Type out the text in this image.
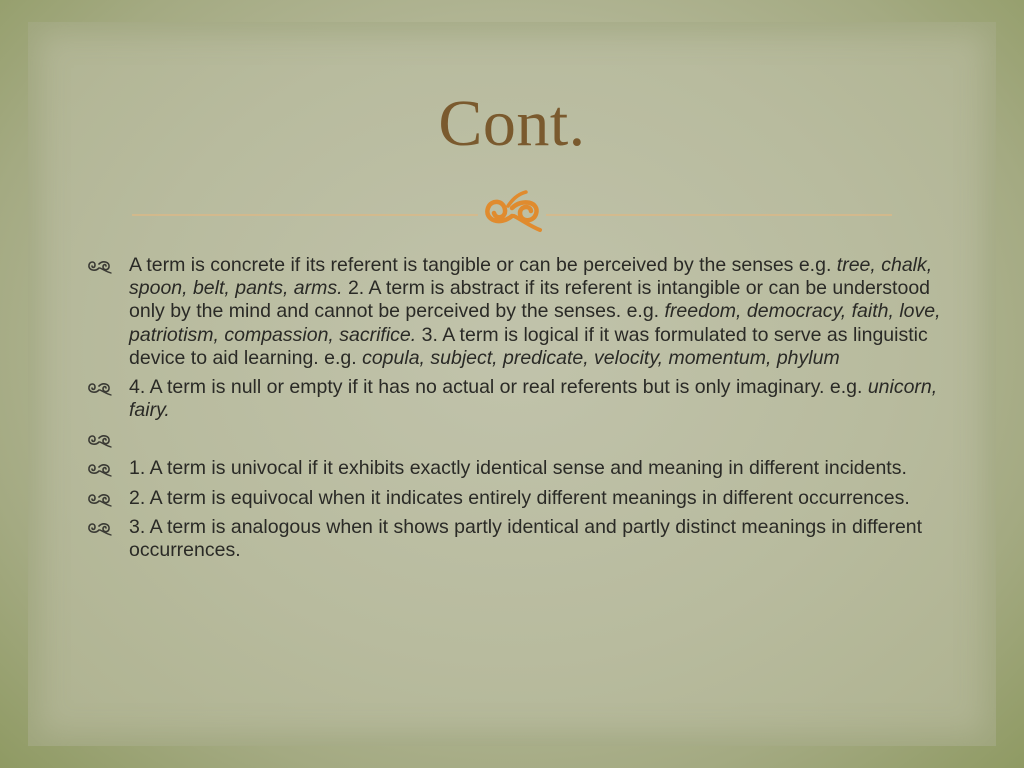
Cont.
A term is concrete if its referent is tangible or can be perceived by the senses e.g. tree, chalk, spoon, belt, pants, arms. 2. A term is abstract if its referent is intangible or can be understood only by the mind and cannot be perceived by the senses. e.g. freedom, democracy, faith, love, patriotism, compassion, sacrifice. 3. A term is logical if it was formulated to serve as linguistic device to aid learning. e.g. copula, subject, predicate, velocity, momentum, phylum
4. A term is null or empty if it has no actual or real referents but is only imaginary. e.g. unicorn, fairy.
1. A term is univocal if it exhibits exactly identical sense and meaning in different incidents.
2. A term is equivocal when it indicates entirely different meanings in different occurrences.
3. A term is analogous when it shows partly identical and partly distinct meanings in different occurrences.
